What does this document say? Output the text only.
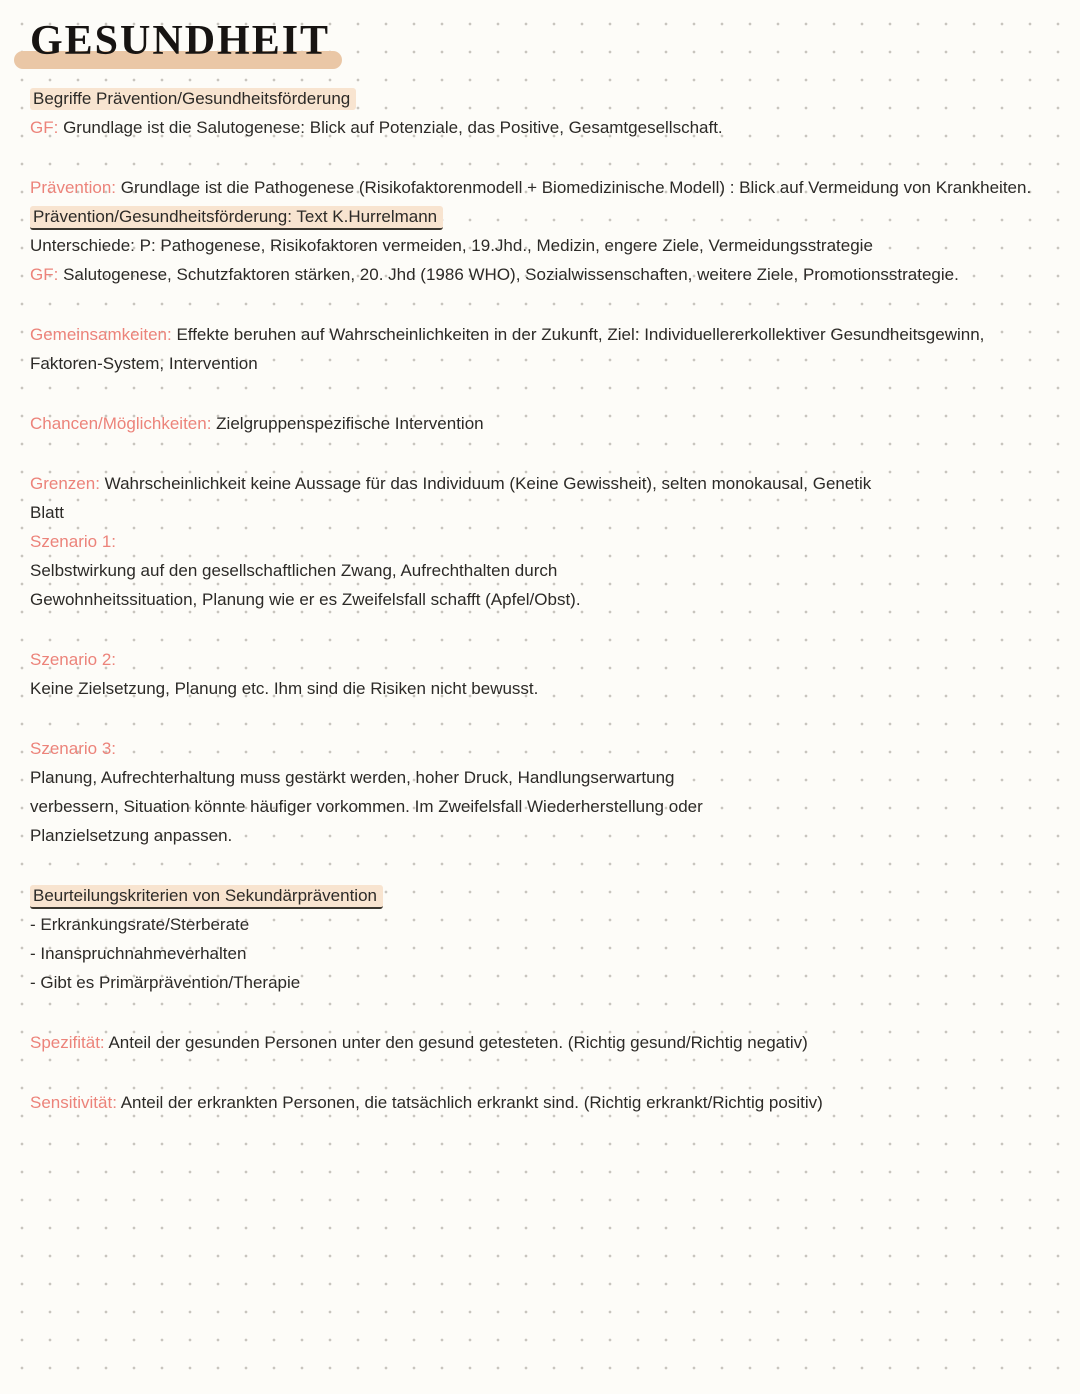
GESUNDHEIT
Begriffe Prävention/Gesundheitsförderung
GF: Grundlage ist die Salutogenese: Blick auf Potenziale, das Positive, Gesamtgesellschaft.
Prävention: Grundlage ist die Pathogenese (Risikofaktorenmodell + Biomedizinische Modell) : Blick auf Vermeidung von Krankheiten.
Prävention/Gesundheitsförderung: Text K.Hurrelmann
Unterschiede: P: Pathogenese, Risikofaktoren vermeiden, 19.Jhd., Medizin, engere Ziele, Vermeidungsstrategie
GF: Salutogenese, Schutzfaktoren stärken, 20. Jhd (1986 WHO), Sozialwissenschaften, weitere Ziele, Promotionsstrategie.
Gemeinsamkeiten: Effekte beruhen auf Wahrscheinlichkeiten in der Zukunft, Ziel: Individuellererkollektiver Gesundheitsgewinn,
Faktoren-System, Intervention
Chancen/Möglichkeiten: Zielgruppenspezifische Intervention
Grenzen: Wahrscheinlichkeit keine Aussage für das Individuum (Keine Gewissheit), selten monokausal, Genetik
Blatt
Szenario 1:
Selbstwirkung auf den gesellschaftlichen Zwang, Aufrechthalten durch
Gewohnheitssituation, Planung wie er es Zweifelsfall schafft (Apfel/Obst).
Szenario 2:
Keine Zielsetzung, Planung etc. Ihm sind die Risiken nicht bewusst.
Szenario 3:
Planung, Aufrechterhaltung muss gestärkt werden, hoher Druck, Handlungserwartung
verbessern, Situation könnte häufiger vorkommen. Im Zweifelsfall Wiederherstellung oder
Planzielsetzung anpassen.
Beurteilungskriterien von Sekundärprävention
- Erkrankungsrate/Sterberate
- Inanspruchnahmeverhalten
- Gibt es Primärprävention/Therapie
Spezifität: Anteil der gesunden Personen unter den gesund getesteten. (Richtig gesund/Richtig negativ)
Sensitivität: Anteil der erkrankten Personen, die tatsächlich erkrankt sind. (Richtig erkrankt/Richtig positiv)
